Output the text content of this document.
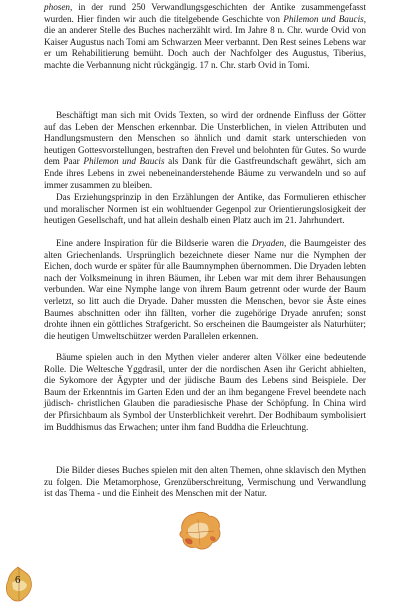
phosen, in der rund 250 Verwandlungsgeschichten der Antike zusammengefasst wurden. Hier finden wir auch die titelgebende Geschichte von Philemon und Baucis, die an anderer Stelle des Buches nacherzählt wird. Im Jahre 8 n. Chr. wurde Ovid von Kaiser Augustus nach Tomi am Schwarzen Meer verbannt. Den Rest seines Lebens war er um Rehabilitierung bemüht. Doch auch der Nachfolger des Augustus, Tiberius, machte die Verbannung nicht rückgängig. 17 n. Chr. starb Ovid in Tomi.

Beschäftigt man sich mit Ovids Texten, so wird der ordnende Einfluss der Götter auf das Leben der Menschen erkennbar. Die Unsterblichen, in vielen Attributen und Handlungsmustern den Menschen so ähnlich und damit stark unterschieden von heutigen Gottesvorstellungen, bestraften den Frevel und belohnten für Gutes. So wurde dem Paar Philemon und Baucis als Dank für die Gastfreundschaft gewährt, sich am Ende ihres Lebens in zwei nebeneinanderstehende Bäume zu verwandeln und so auf immer zusammen zu bleiben.

Das Erziehungsprinzip in den Erzählungen der Antike, das Formulieren ethischer und moralischer Normen ist ein wohltuender Gegenpol zur Orientierungslosigkeit der heutigen Gesellschaft, und hat allein deshalb einen Platz auch im 21. Jahrhundert.

Eine andere Inspiration für die Bildserie waren die Dryaden, die Baumgeister des alten Griechenlands. Ursprünglich bezeichnete dieser Name nur die Nymphen der Eichen, doch wurde er später für alle Baumnymphen übernommen. Die Dryaden lebten nach der Volksmeinung in ihren Bäumen, ihr Leben war mit dem ihrer Behausungen verbunden. War eine Nymphe lange von ihrem Baum getrennt oder wurde der Baum verletzt, so litt auch die Dryade. Daher mussten die Menschen, bevor sie Äste eines Baumes abschnitten oder ihn fällten, vorher die zugehörige Dryade anrufen; sonst drohte ihnen ein göttliches Strafgericht. So erscheinen die Baumgeister als Naturhüter; die heutigen Umweltschützer werden Parallelen erkennen.

Bäume spielen auch in den Mythen vieler anderer alten Völker eine bedeutende Rolle. Die Weltesche Yggdrasil, unter der die nordischen Asen ihr Gericht abhielten, die Sykomore der Ägypter und der jüdische Baum des Lebens sind Beispiele. Der Baum der Erkenntnis im Garten Eden und der an ihm begangene Frevel beendete nach jüdisch- christlichen Glauben die paradiesische Phase der Schöpfung. In China wird der Pfirsichbaum als Symbol der Unsterblichkeit verehrt. Der Bodhibaum symbolisiert im Buddhismus das Erwachen; unter ihm fand Buddha die Erleuchtung.

Die Bilder dieses Buches spielen mit den alten Themen, ohne sklavisch den Mythen zu folgen. Die Metamorphose, Grenzüberschreitung, Vermischung und Verwandlung ist das Thema - und die Einheit des Menschen mit der Natur.

6
